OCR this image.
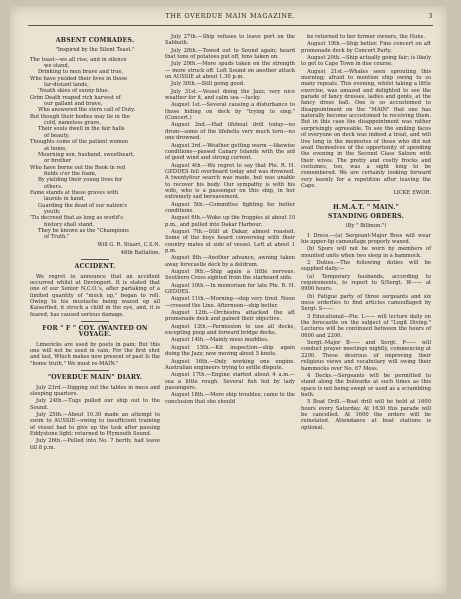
THE OVERDUE MAIN MAGAZINE.	3
ABSENT COMRADES.
"Inspired by the Silent Toast."
The toast—we all rise, and in silence
we stand,
Drinking to men brave and true,
Who have yielded their lives in those
far-distant lands,
'Neath skies of sunny blue.
Grim Death reaped rich harvest of
our gallant and brave,
Who answered the stern call of Duty.
But though their bodies may lie in the
cold, nameless grave,
Their souls dwell in the fair halls
of beauty.
Thoughts come of the patient women
at home,
Mourning son, husband, sweetheart,
or brother
Who have borne out the Book in red
fields o'er the foam,
By yielding their young lives for
others.
Fame stands at these graves with
laurels in hand,
Guarding the dead of our nation's
youth;
'Tis decreed that as long as world's
history shall stand,
They be known as the "Champions
of Truth."
Will G. R. Stuart, C.S.N.
48th Battalion.
ACCIDENT.

We regret to announce that an accident occurred whilst at Devonport. It is stated that one of our Senior N.C.O.'s, after partaking of a limited quantity of "muck up," began to roll. Owing to his mustache being waxed up all Kaiserfied, it struck a child in the eye, and, it is feared, has caused serious damage.

FOR " F " COY. (WANTED ON VOYAGE.

Limericks are used by poets in pain; But this one will not be used in vain; For the first shot and last, Which makes now present of past Is the "home truth," We must re-MAIN."

"OVERDUE MAIN" DIARY.

July 23rd.—Digging out the tables in mess and sleeping quarters.

July 24th.—Tugs pulled our ship out to the Sound.

July 25th.—About 10.30 made an attempt to swim to AUSSIE—owing to insufficient training of vessel had to give up the task after passing Eddystone light; returned to Plymouth Sound.

July 26th.—Pulled into No. 7 berth; had leave till 8 p.m.

July 27th.—Ship refuses to leave port on the Sabbath.

July 28th.—Towed out to Sound again; heard that tons of potatoes put off, tons taken on.

July 29th.—More spuds taken on the strength — more struck off. Left Sound on another attack on AUSSIE at about 1.30 p.m.

July 30th.—Still going good.

July 31st.—Vessel doing the Jazz; very nice weather for it, and calm sea —lucky.

August 1st.—Several causing a disturbance to those hiding on deck by "trying to sing." (Concert.)

August 2nd.—Had lifeboat drill today—no drum—some of the lifebelts very much torn—no one drowned.

August 3rd.—Weather getting warm —likewise conditions—passed Canary Islands with the aid of good wind and strong current.

August 4th.—We regret to say that Pte. R. H. GEDDES fell overboard today and was drowned. A twentyfour search was made, but was unable to recover his body. Our sympathy is with his wife, who is a passenger on this ship, in her extremely sad bereavement.

August 5th.—Committee fighting for better conditions.

August 6th.—Woke up the froggies at about 10 p.m., and pulled into Dakar Harbour.

August 7th.—Still at Dakar, almost roasted. Some of the boys heard conversing with their country mates at side of vessel. Left at about 1 p.m.

August 8th.—Another advance, awning taken away forecastle deck by a deldrum.

August 9th.—Ship again a little nervous. Southern Cross sighted from the starboard side.

August 10th.—In memoriam for late Pte. R. H. GEDDES.

August 11th.—Morning—ship very tired. Noon—crossed the Line. Afternoon—ship better.

August 12th.—Orchestra attacked the aft promenade deck and gained their objective.

August 13th.—Permission to use all decks, excepting poop and forward bridge decks.

August 14th.—Mainly mess muddles.

August 15th.—Kit inspection—ship again doing the Jazz; now moving about 5 knots.

August 16th.—Only working one engine. Australian engineers trying to settle dispute.

August 17th.—Engine started about 4 a.m.—sea a little rough. Several fish fed by lady passengers.

August 18th.—More ship troubles; came to the conclusion that she should

be returned to her former owners, the Huns.

August 19th.—Ship better. Fine concert on aft promenade deck by Concert Party.

August 20th.—Ship actually going fair; is likely to get to Cape Town in due course.

August 21st.—Whales seen sprouting this morning; afraid to mention ship owing to so many repeats. This evening, whilst taking a little exercise, was amazed and delighted to see the parade of fancy dresses, ladies and gents, at the fancy dress ball. One is so accustomed to disappointment on the "MAIN" that one has naturally become accustomed to receiving them. But in this case the disappointment was rather surprisingly agreeable. To see the smiling faces of everyone on deck was indeed a treat, and will live long in the memories of those who did not avail themselves of the opportunity of spending the evening in the Second Class Saloon with their wives. The pretty and costly frocks and costumes, too, was a sight long to be remembered. We are certainly looking forward very keenly for a repetition after leaving the Cape.

LICKE EWOR.
H.M.A.T. " MAIN."
STANDING ORDERS.
(By " Billmon.")

1 Dress.—(a) Sergeant-Major Boss will wear his upper-lip camouflage properly waxed.

(b) Spurs will not be worn by members of mounted units when two sleep in a hammock.

2 Duties.—The following duties will be supplied daily:—

(a) Temporary husbands, according to requirements, to report to S/Sergt. W—— at 0900 hours.

(b) Fatigue party of three sergeants and six mess orderlies to find articles camouflaged by Sergt. S——.

3 Educational—Pte. L—— will lecture daily on the forecastle on the subject of "Legit Diving." Lectures will be continued between the hours of 0600 and 2200.

Sergt.-Major B—— and Sergt. P—— will conduct prayer meetings nightly, commencing at 2200. These desirous of improving their religious views and vocabulary will swing their hammocks over No. 67 Mess.

4 Decks.—Sergeants will be permitted to stand along the bulwarks at such times as this space is not being swept or used as a scrambling bath.

5 Boat Drill.—Boat drill will be held at 1600 hours every Saturday. At 1630 this parade will be cancelled. At 1600 the orders will be reinstated. Attendance at boat stations is optional.
